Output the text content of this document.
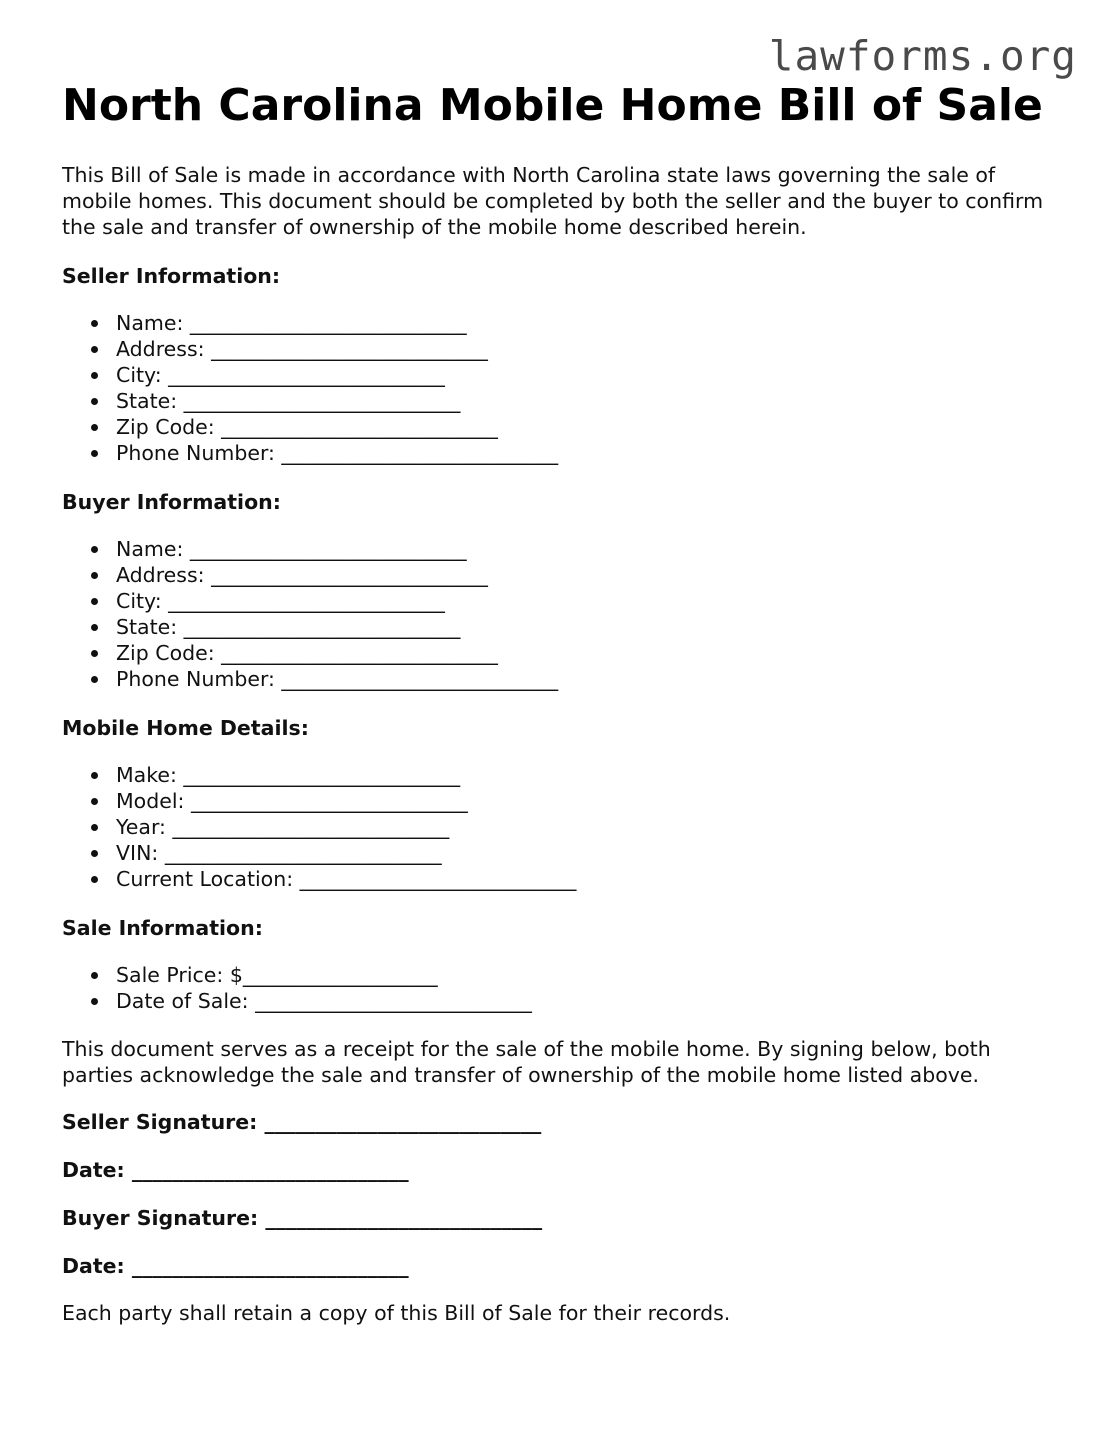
lawforms.org
North Carolina Mobile Home Bill of Sale

This Bill of Sale is made in accordance with North Carolina state laws governing the sale of mobile homes. This document should be completed by both the seller and the buyer to confirm the sale and transfer of ownership of the mobile home described herein.

Seller Information:
Name: ___________________________
Address: ___________________________
City: ___________________________
State: ___________________________
Zip Code: ___________________________
Phone Number: ___________________________
Buyer Information:
Name: ___________________________
Address: ___________________________
City: ___________________________
State: ___________________________
Zip Code: ___________________________
Phone Number: ___________________________
Mobile Home Details:
Make: ___________________________
Model: ___________________________
Year: ___________________________
VIN: ___________________________
Current Location: ___________________________
Sale Information:
Sale Price: $___________________
Date of Sale: ___________________________

This document serves as a receipt for the sale of the mobile home. By signing below, both parties acknowledge the sale and transfer of ownership of the mobile home listed above.

Seller Signature: ___________________________
Date: ___________________________
Buyer Signature: ___________________________
Date: ___________________________

Each party shall retain a copy of this Bill of Sale for their records.
